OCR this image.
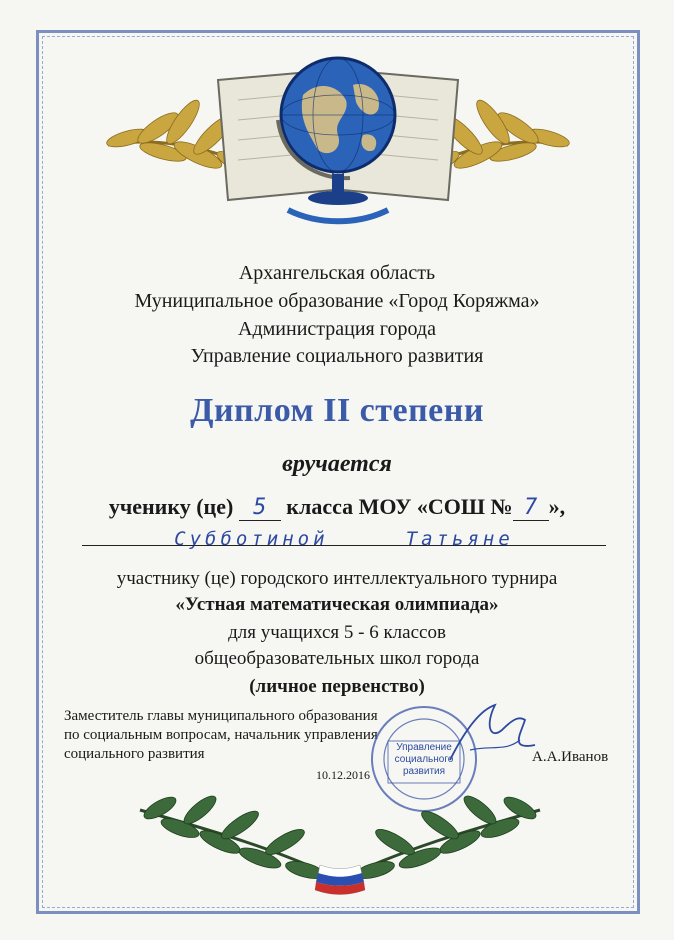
Архангельская область
Муниципальное образование «Город Коряжма»
Администрация города
Управление социального развития
Диплом II степени
вручается
ученику (це) 5 класса МОУ «СОШ № 7 »,
Субботиной     Татьяне
участнику (це) городского интеллектуального турнира
«Устная математическая олимпиада»
для учащихся 5 - 6 классов
общеобразовательных школ города
(личное первенство)
Заместитель главы муниципального образования
по социальным вопросам, начальник управления
социального развития	Управление социального развития
А.А.Иванов
10.12.2016
